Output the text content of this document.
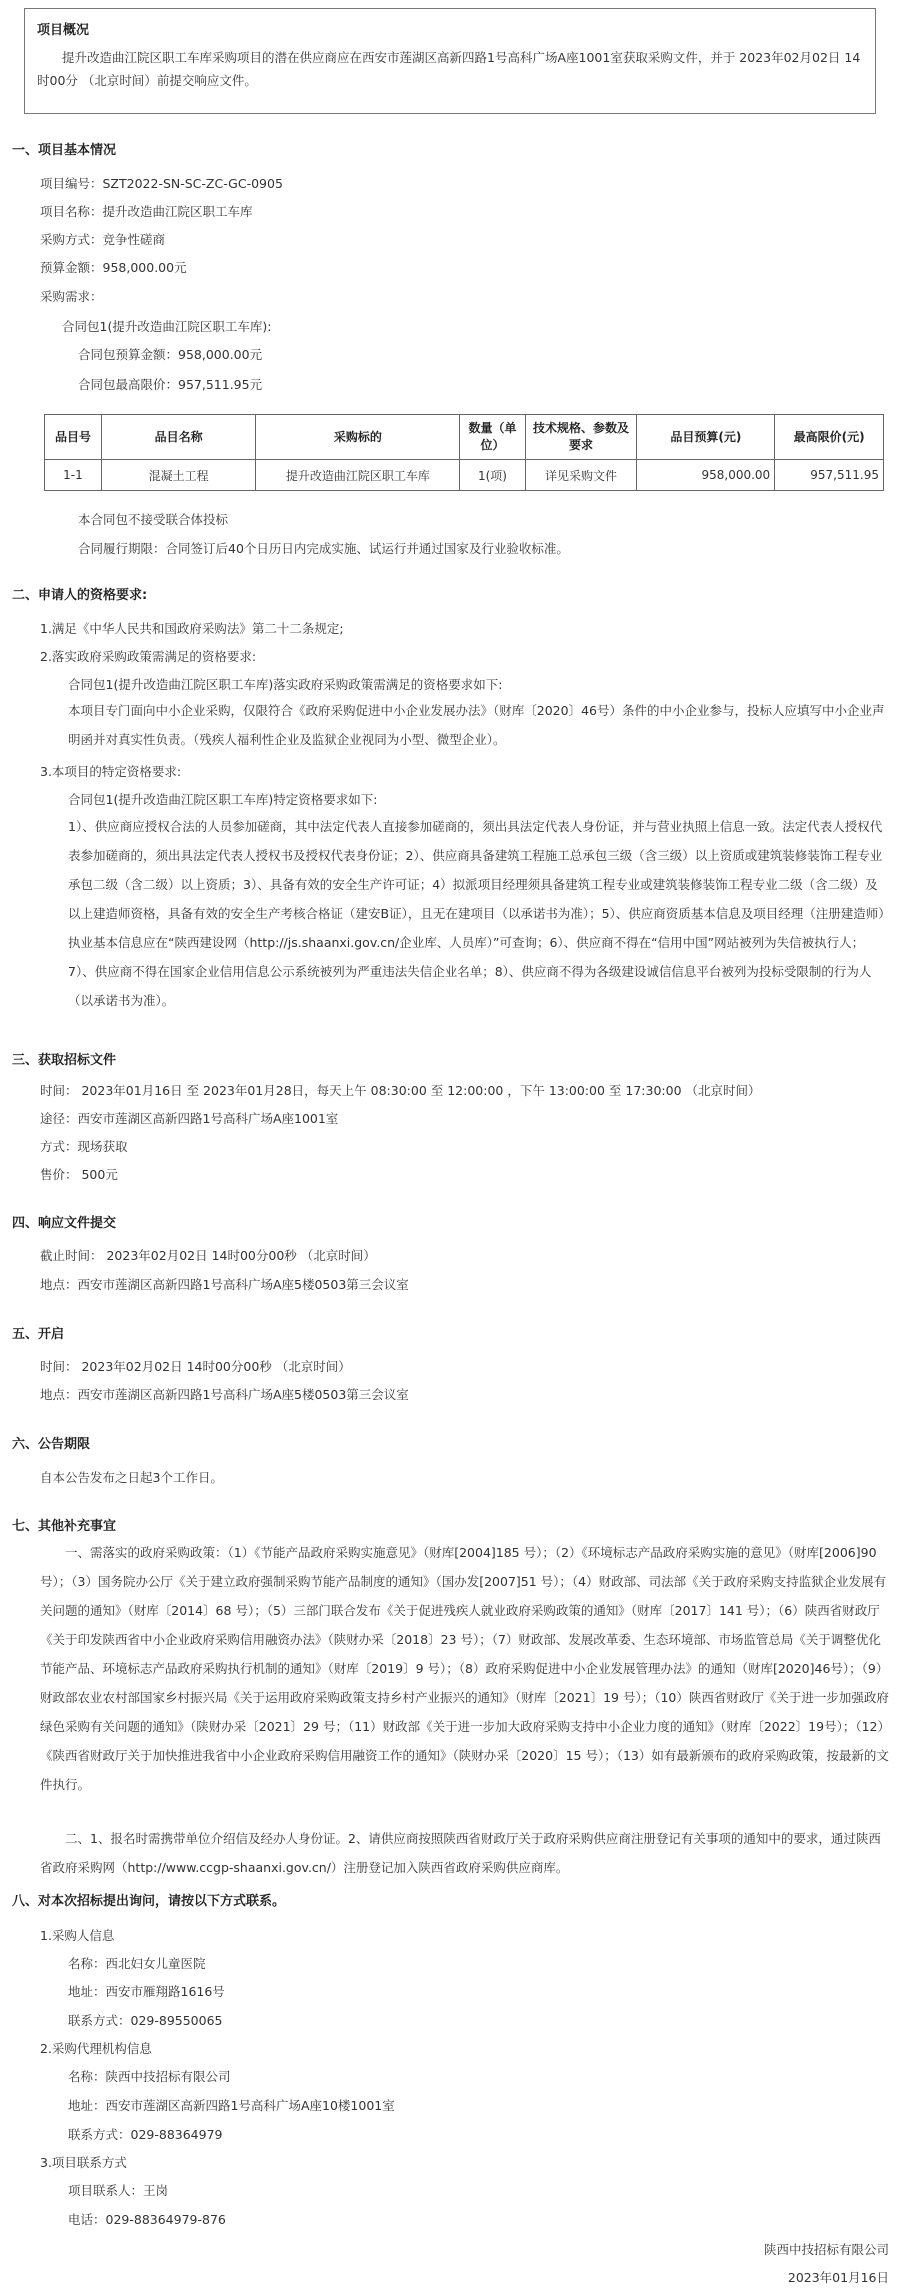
项目概况
提升改造曲江院区职工车库采购项目的潜在供应商应在西安市莲湖区高新四路1号高科广场A座1001室获取采购文件，并于 2023年02月02日 14时00分 （北京时间）前提交响应文件。
一、项目基本情况
项目编号：SZT2022-SN-SC-ZC-GC-0905
项目名称：提升改造曲江院区职工车库
采购方式：竞争性磋商
预算金额：958,000.00元
采购需求：
合同包1(提升改造曲江院区职工车库):
合同包预算金额：958,000.00元
合同包最高限价：957,511.95元
品目号	品目名称	采购标的	数量（单位）	技术规格、参数及要求	品目预算(元)	最高限价(元)
1-1	混凝土工程	提升改造曲江院区职工车库	1(项)	详见采购文件	958,000.00	957,511.95
本合同包不接受联合体投标
合同履行期限：合同签订后40个日历日内完成实施、试运行并通过国家及行业验收标准。
二、申请人的资格要求:
1.满足《中华人民共和国政府采购法》第二十二条规定;
2.落实政府采购政策需满足的资格要求:
合同包1(提升改造曲江院区职工车库)落实政府采购政策需满足的资格要求如下:
本项目专门面向中小企业采购，仅限符合《政府采购促进中小企业发展办法》（财库〔2020〕46号）条件的中小企业参与，投标人应填写中小企业声明函并对真实性负责。（残疾人福利性企业及监狱企业视同为小型、微型企业）。
3.本项目的特定资格要求:
合同包1(提升改造曲江院区职工车库)特定资格要求如下:
1）、供应商应授权合法的人员参加磋商，其中法定代表人直接参加磋商的，须出具法定代表人身份证，并与营业执照上信息一致。法定代表人授权代表参加磋商的，须出具法定代表人授权书及授权代表身份证；2）、供应商具备建筑工程施工总承包三级（含三级）以上资质或建筑装修装饰工程专业承包二级（含二级）以上资质；3）、具备有效的安全生产许可证；4）拟派项目经理须具备建筑工程专业或建筑装修装饰工程专业二级（含二级）及以上建造师资格，具备有效的安全生产考核合格证（建安B证），且无在建项目（以承诺书为准）；5）、供应商资质基本信息及项目经理（注册建造师）执业基本信息应在“陕西建设网（http://js.shaanxi.gov.cn/企业库、人员库）”可查询；6）、供应商不得在“信用中国”网站被列为失信被执行人；7）、供应商不得在国家企业信用信息公示系统被列为严重违法失信企业名单；8）、供应商不得为各级建设诚信信息平台被列为投标受限制的行为人（以承诺书为准）。
三、获取招标文件
时间： 2023年01月16日 至 2023年01月28日，每天上午 08:30:00 至 12:00:00 ，下午 13:00:00 至 17:30:00 （北京时间）
途径：西安市莲湖区高新四路1号高科广场A座1001室
方式：现场获取
售价： 500元
四、响应文件提交
截止时间： 2023年02月02日 14时00分00秒 （北京时间）
地点：西安市莲湖区高新四路1号高科广场A座5楼0503第三会议室
五、开启
时间： 2023年02月02日 14时00分00秒 （北京时间）
地点：西安市莲湖区高新四路1号高科广场A座5楼0503第三会议室
六、公告期限
自本公告发布之日起3个工作日。
七、其他补充事宜
一、需落实的政府采购政策：（1）《节能产品政府采购实施意见》（财库[2004]185 号）；（2）《环境标志产品政府采购实施的意见》（财库[2006]90 号）；（3）国务院办公厅《关于建立政府强制采购节能产品制度的通知》（国办发[2007]51 号）；（4）财政部、司法部《关于政府采购支持监狱企业发展有关问题的通知》（财库〔2014〕68 号）；（5）三部门联合发布《关于促进残疾人就业政府采购政策的通知》（财库〔2017〕141 号）；（6）陕西省财政厅《关于印发陕西省中小企业政府采购信用融资办法》（陕财办采〔2018〕23 号）；（7）财政部、发展改革委、生态环境部、市场监管总局《关于调整优化节能产品、环境标志产品政府采购执行机制的通知》（财库〔2019〕9 号）；（8）政府采购促进中小企业发展管理办法》的通知（财库[2020]46号）；（9）财政部农业农村部国家乡村振兴局《关于运用政府采购政策支持乡村产业振兴的通知》（财库〔2021〕19 号）；（10）陕西省财政厅《关于进一步加强政府绿色采购有关问题的通知》（陕财办采〔2021〕29 号；（11）财政部《关于进一步加大政府采购支持中小企业力度的通知》（财库〔2022〕19号）；（12）《陕西省财政厅关于加快推进我省中小企业政府采购信用融资工作的通知》（陕财办采〔2020〕15 号）；（13）如有最新颁布的政府采购政策，按最新的文件执行。
二、1、报名时需携带单位介绍信及经办人身份证。2、请供应商按照陕西省财政厅关于政府采购供应商注册登记有关事项的通知中的要求，通过陕西省政府采购网（http://www.ccgp-shaanxi.gov.cn/）注册登记加入陕西省政府采购供应商库。
八、对本次招标提出询问，请按以下方式联系。
1.采购人信息
名称：西北妇女儿童医院
地址：西安市雁翔路1616号
联系方式：029-89550065
2.采购代理机构信息
名称：陕西中技招标有限公司
地址：西安市莲湖区高新四路1号高科广场A座10楼1001室
联系方式：029-88364979
3.项目联系方式
项目联系人：王岗
电话：029-88364979-876
陕西中技招标有限公司
2023年01月16日
